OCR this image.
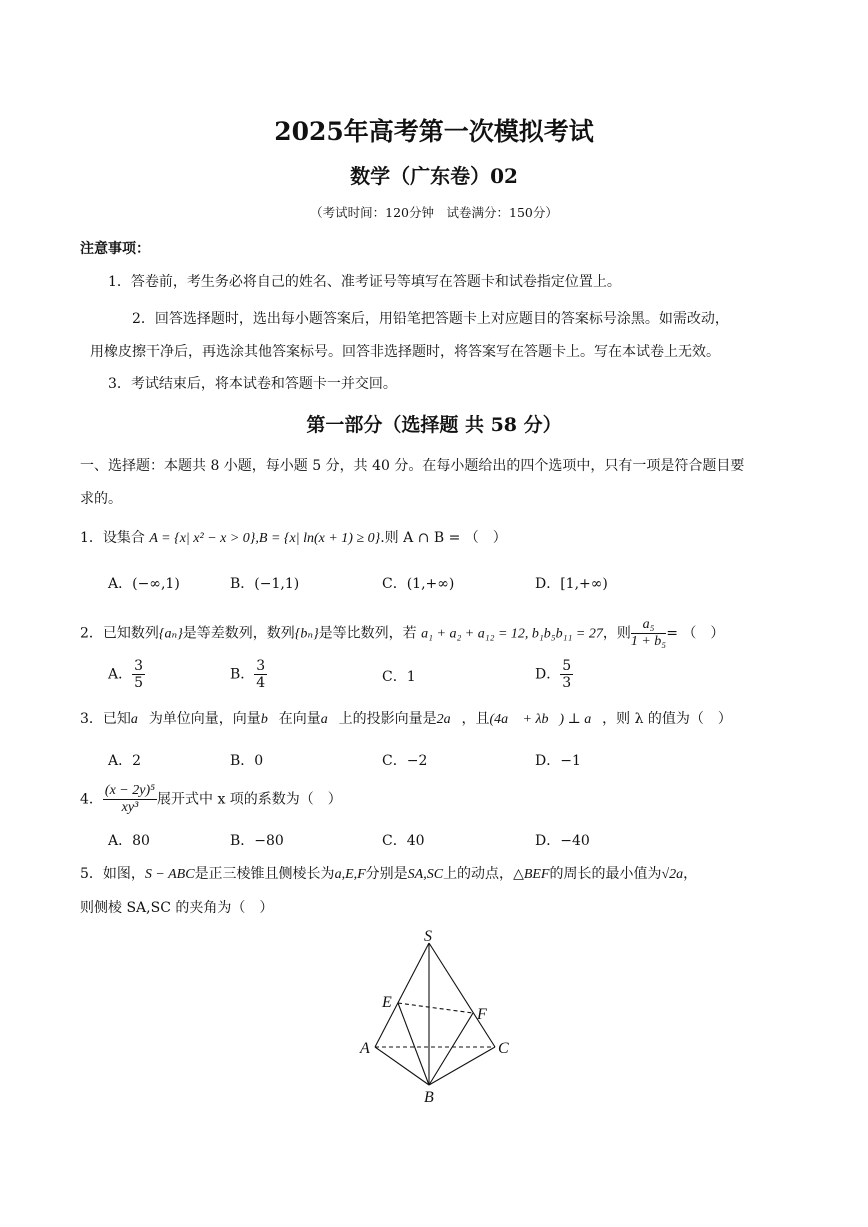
2025年高考第一次模拟考试
数学（广东卷）02
（考试时间：120分钟　试卷满分：150分）
注意事项：
1．答卷前，考生务必将自己的姓名、准考证号等填写在答题卡和试卷指定位置上。
2．回答选择题时，选出每小题答案后，用铅笔把答题卡上对应题目的答案标号涂黑。如需改动，
用橡皮擦干净后，再选涂其他答案标号。回答非选择题时，将答案写在答题卡上。写在本试卷上无效。
3．考试结束后，将本试卷和答题卡一并交回。
第一部分（选择题 共 58 分）
一、选择题：本题共 8 小题，每小题 5 分，共 40 分。在每小题给出的四个选项中，只有一项是符合题目要
求的。
1．设集合 A = {x| x² − x > 0},B = {x| ln(x + 1) ≥ 0}.则 A ∩ B = （　）
A．(−∞,1)	B．(−1,1)	C．(1,+∞)	D．[1,+∞)
2．已知数列{aₙ}是等差数列，数列{bₙ}是等比数列，若 a₁ + a₂ + a₁₂ = 12, b₁b₅b₁₁ = 27，则 $\frac{\text{a₅}}{\text{1 + b₅}}$ = （　）
A． $\frac{3}{5}$	B． $\frac{3}{4}$	C．1	D． $\frac{5}{3}$
3．已知a⃗为单位向量，向量b⃗在向量a⃗上的投影向量是2a⃗，且(4a⃗ + λb⃗) ⊥ a⃗，则 λ 的值为（　）
A．2	B．0	C．−2	D．−1
4． $\frac{\text{(x − 2y)⁵}}{\text{xy³}}$ 展开式中 x 项的系数为（　）
A．80	B．−80	C．40	D．−40
5．如图，S − ABC是正三棱锥且侧棱长为a,E,F分别是SA,SC上的动点，△BEF的周长的最小值为√2a，
则侧棱 SA,SC 的夹角为（　）
S
E
F
A	C
B
